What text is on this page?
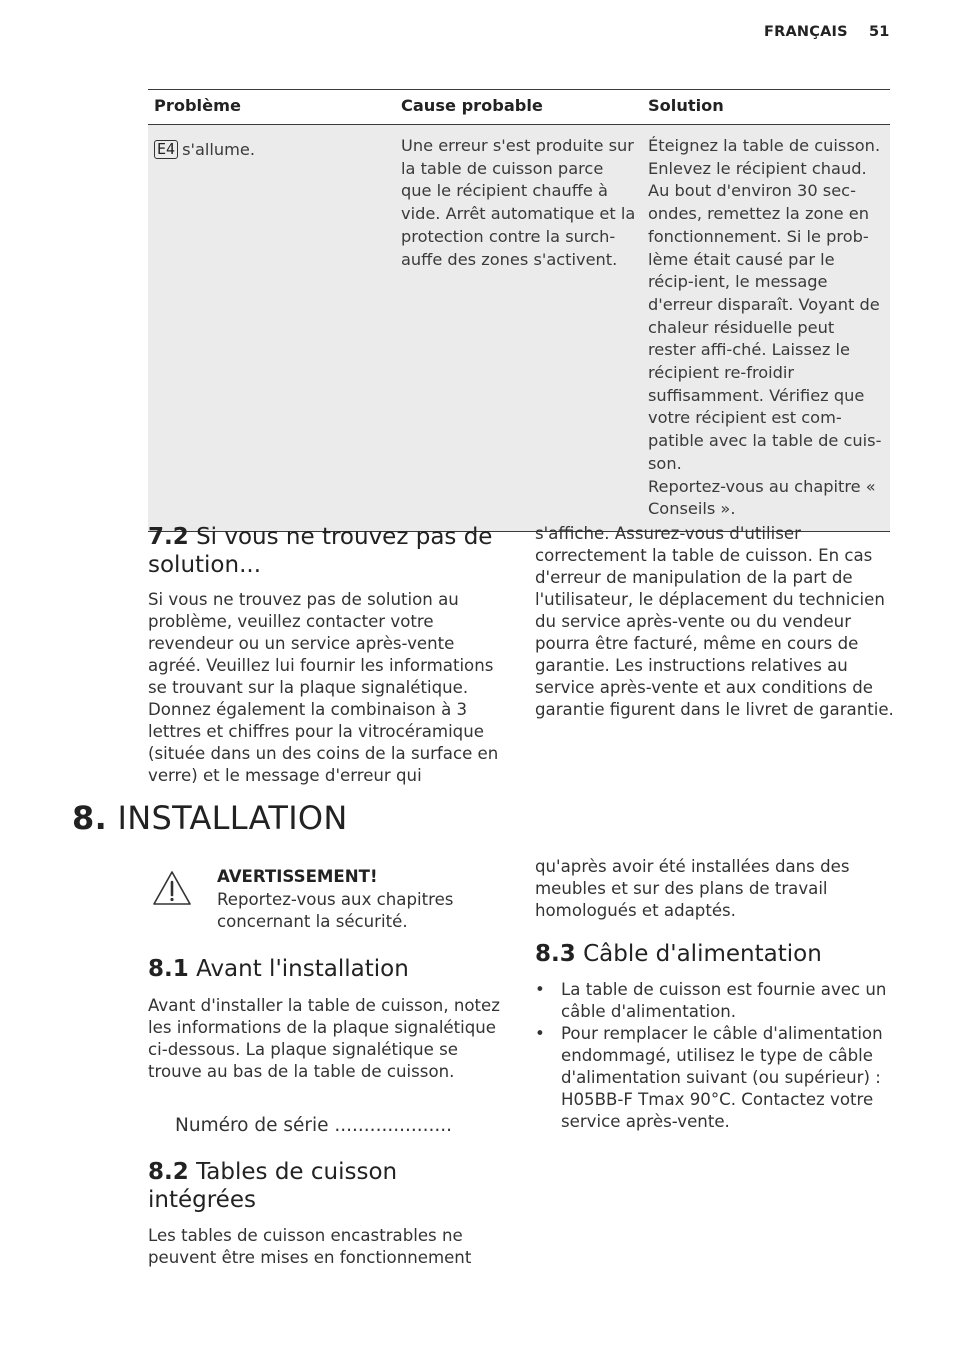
FRANÇAIS 51
Problème	Cause probable	Solution
E4 s'allume.	Une erreur s'est produite sur la table de cuisson parce que le récipient chauffe à vide. Arrêt automatique et la protection contre la surch-auffe des zones s'activent.	Éteignez la table de cuisson. Enlevez le récipient chaud. Au bout d'environ 30 sec-ondes, remettez la zone en fonctionnement. Si le prob-lème était causé par le récip-ient, le message d'erreur disparaît. Voyant de chaleur résiduelle peut rester affi-ché. Laissez le récipient re-froidir suffisamment. Vérifiez que votre récipient est com-patible avec la table de cuis-son.

Reportez-vous au chapitre « Conseils ».

7.2 Si vous ne trouvez pas de solution...

Si vous ne trouvez pas de solution au problème, veuillez contacter votre revendeur ou un service après-vente agréé. Veuillez lui fournir les informations se trouvant sur la plaque signalétique. Donnez également la combinaison à 3 lettres et chiffres pour la vitrocéramique (située dans un des coins de la surface en verre) et le message d'erreur qui

s'affiche. Assurez-vous d'utiliser correctement la table de cuisson. En cas d'erreur de manipulation de la part de l'utilisateur, le déplacement du technicien du service après-vente ou du vendeur pourra être facturé, même en cours de garantie. Les instructions relatives au service après-vente et aux conditions de garantie figurent dans le livret de garantie.

8. INSTALLATION
AVERTISSEMENT!

Reportez-vous aux chapitres concernant la sécurité.

8.1 Avant l'installation

Avant d'installer la table de cuisson, notez les informations de la plaque signalétique ci-dessous. La plaque signalétique se trouve au bas de la table de cuisson.

Numéro de série ....................
8.2 Tables de cuisson intégrées

Les tables de cuisson encastrables ne peuvent être mises en fonctionnement

qu'après avoir été installées dans des meubles et sur des plans de travail homologués et adaptés.

8.3 Câble d'alimentation
• La table de cuisson est fournie avec un câble d'alimentation.
• Pour remplacer le câble d'alimentation endommagé, utilisez le type de câble d'alimentation suivant (ou supérieur) : H05BB-F Tmax 90°C. Contactez votre service après-vente.
